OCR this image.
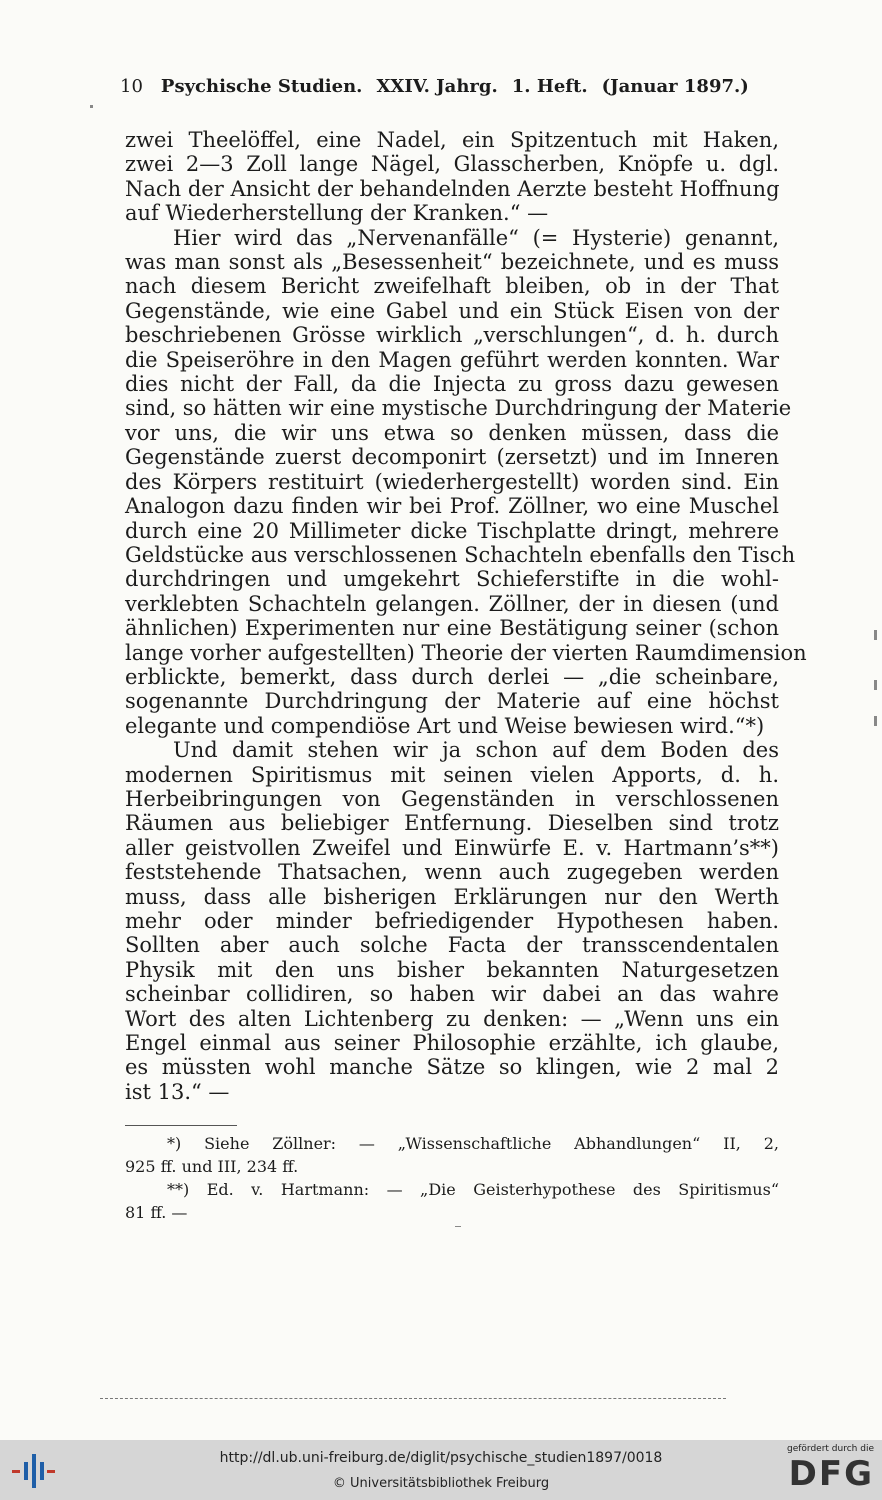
10 Psychische Studien. XXIV. Jahrg. 1. Heft. (Januar 1897.)
zwei Theelöffel, eine Nadel, ein Spitzentuch mit Haken,
zwei 2—3 Zoll lange Nägel, Glasscherben, Knöpfe u. dgl.
Nach der Ansicht der behandelnden Aerzte besteht Hoffnung
auf Wiederherstellung der Kranken.“ —
Hier wird das „Nervenanfälle“ (= Hysterie) genannt,
was man sonst als „Besessenheit“ bezeichnete, und es muss
nach diesem Bericht zweifelhaft bleiben, ob in der That
Gegenstände, wie eine Gabel und ein Stück Eisen von der
beschriebenen Grösse wirklich „verschlungen“, d. h. durch
die Speiseröhre in den Magen geführt werden konnten. War
dies nicht der Fall, da die Injecta zu gross dazu gewesen
sind, so hätten wir eine mystische Durchdringung der Materie
vor uns, die wir uns etwa so denken müssen, dass die
Gegenstände zuerst decomponirt (zersetzt) und im Inneren
des Körpers restituirt (wiederhergestellt) worden sind. Ein
Analogon dazu finden wir bei Prof. Zöllner, wo eine Muschel
durch eine 20 Millimeter dicke Tischplatte dringt, mehrere
Geldstücke aus verschlossenen Schachteln ebenfalls den Tisch
durchdringen und umgekehrt Schieferstifte in die wohl-
verklebten Schachteln gelangen. Zöllner, der in diesen (und
ähnlichen) Experimenten nur eine Bestätigung seiner (schon
lange vorher aufgestellten) Theorie der vierten Raumdimension
erblickte, bemerkt, dass durch derlei — „die scheinbare,
sogenannte Durchdringung der Materie auf eine höchst
elegante und compendiöse Art und Weise bewiesen wird.“*)
Und damit stehen wir ja schon auf dem Boden des
modernen Spiritismus mit seinen vielen Apports, d. h.
Herbeibringungen von Gegenständen in verschlossenen
Räumen aus beliebiger Entfernung. Dieselben sind trotz
aller geistvollen Zweifel und Einwürfe E. v. Hartmann’s**)
feststehende Thatsachen, wenn auch zugegeben werden
muss, dass alle bisherigen Erklärungen nur den Werth
mehr oder minder befriedigender Hypothesen haben.
Sollten aber auch solche Facta der transscendentalen
Physik mit den uns bisher bekannten Naturgesetzen
scheinbar collidiren, so haben wir dabei an das wahre
Wort des alten Lichtenberg zu denken: — „Wenn uns ein
Engel einmal aus seiner Philosophie erzählte, ich glaube,
es müssten wohl manche Sätze so klingen, wie 2 mal 2
ist 13.“ —
*) Siehe Zöllner: — „Wissenschaftliche Abhandlungen“ II, 2,
925 ff. und III, 234 ff.
**) Ed. v. Hartmann: — „Die Geisterhypothese des Spiritismus“
81 ff. —
http://dl.ub.uni-freiburg.de/diglit/psychische_studien1897/0018
© Universitätsbibliothek Freiburg
gefördert durch die
DFG
